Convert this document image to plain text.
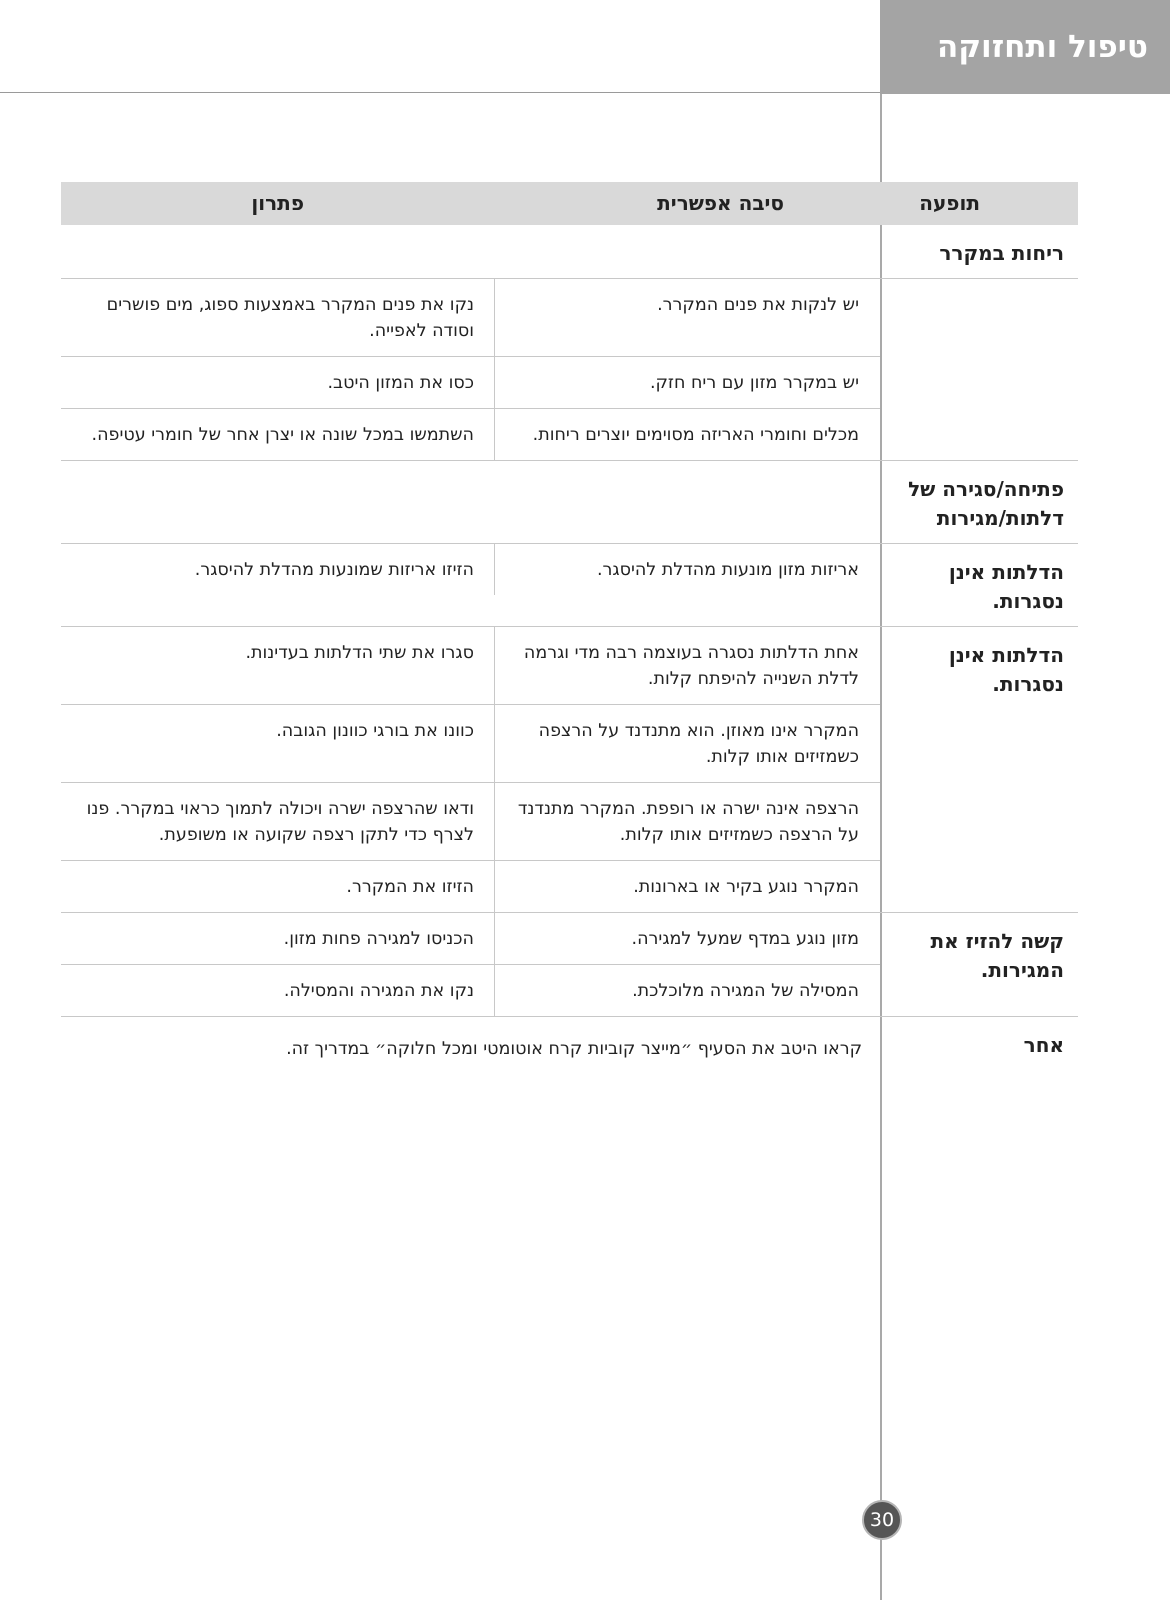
טיפול ותחזוקה
תופעה
סיבה אפשרית
פתרון
ריחות במקרר
יש לנקות את פנים המקרר.
נקו את פנים המקרר באמצעות ספוג, מים פושרים וסודה לאפייה.
יש במקרר מזון עם ריח חזק.
כסו את המזון היטב.
מכלים וחומרי האריזה מסוימים יוצרים ריחות.
השתמשו במכל שונה או יצרן אחר של חומרי עטיפה.
פתיחה/סגירה של דלתות/מגירות
הדלתות אינן נסגרות.
אריזות מזון מונעות מהדלת להיסגר.
הזיזו אריזות שמונעות מהדלת להיסגר.
הדלתות אינן נסגרות.
אחת הדלתות נסגרה בעוצמה רבה מדי וגרמה לדלת השנייה להיפתח קלות.
סגרו את שתי הדלתות בעדינות.
המקרר אינו מאוזן. הוא מתנדנד על הרצפה כשמזיזים אותו קלות.
כוונו את בורגי כוונון הגובה.
הרצפה אינה ישרה או רופפת. המקרר מתנדנד על הרצפה כשמזיזים אותו קלות.
ודאו שהרצפה ישרה ויכולה לתמוך כראוי במקרר. פנו לצרף כדי לתקן רצפה שקועה או משופעת.
המקרר נוגע בקיר או בארונות.
הזיזו את המקרר.
קשה להזיז את המגירות.
מזון נוגע במדף שמעל למגירה.
הכניסו למגירה פחות מזון.
המסילה של המגירה מלוכלכת.
נקו את המגירה והמסילה.
אחר
קראו היטב את הסעיף ״מייצר קוביות קרח אוטומטי ומכל חלוקה״ במדריך זה.
30
